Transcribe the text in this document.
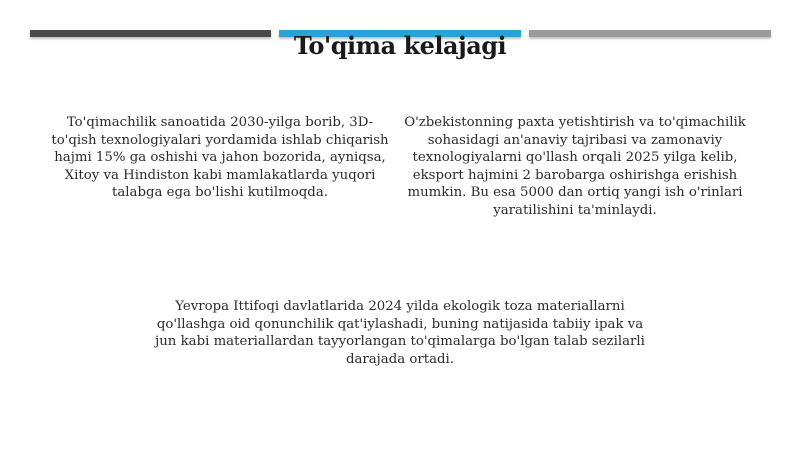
To'qima kelajagi
To'qimachilik sanoatida 2030-yilga borib, 3D-to'qish texnologiyalari yordamida ishlab chiqarish hajmi 15% ga oshishi va jahon bozorida, ayniqsa, Xitoy va Hindiston kabi mamlakatlarda yuqori talabga ega bo'lishi kutilmoqda.
O'zbekistonning paxta yetishtirish va to'qimachilik sohasidagi an'anaviy tajribasi va zamonaviy texnologiyalarni qo'llash orqali 2025 yilga kelib, eksport hajmini 2 barobarga oshirishga erishish mumkin. Bu esa 5000 dan ortiq yangi ish o'rinlari yaratilishini ta'minlaydi.
Yevropa Ittifoqi davlatlarida 2024 yilda ekologik toza materiallarni qo'llashga oid qonunchilik qat'iylashadi, buning natijasida tabiiy ipak va jun kabi materiallardan tayyorlangan to'qimalarga bo'lgan talab sezilarli darajada ortadi.
